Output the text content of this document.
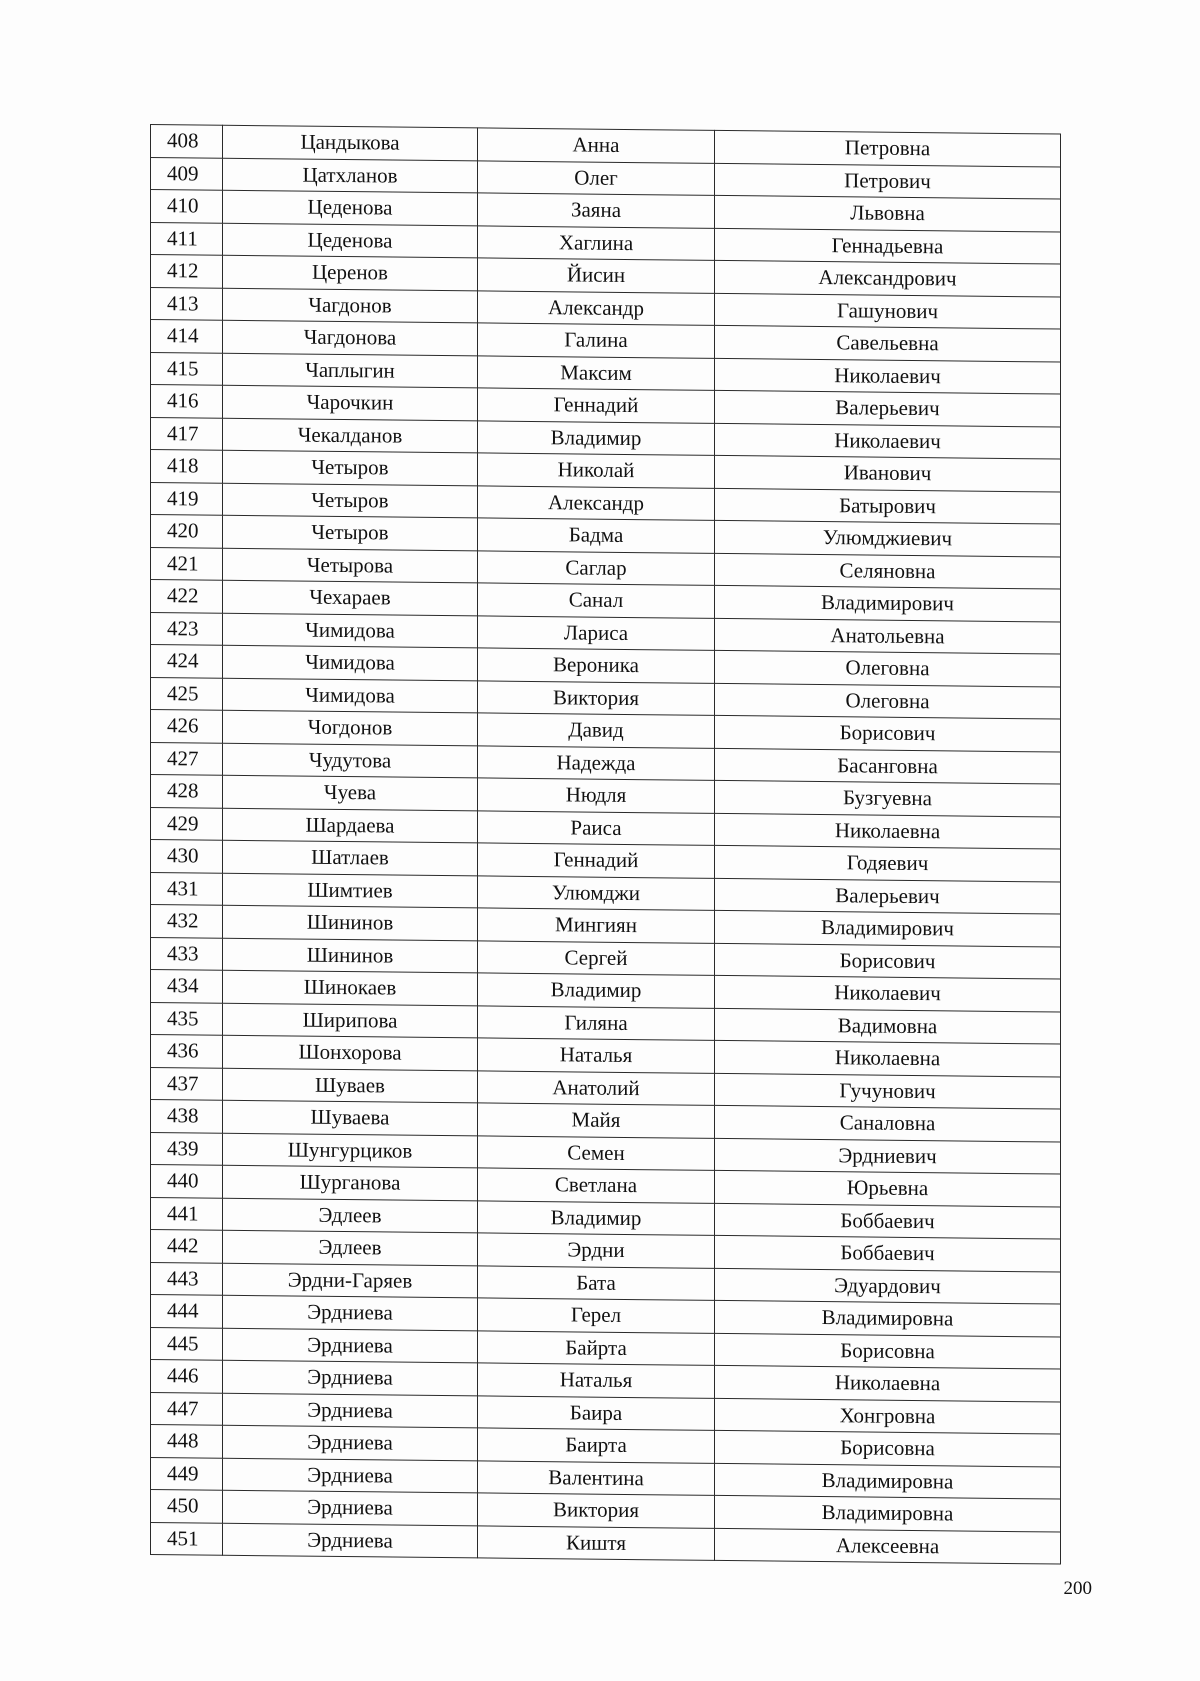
408	Цандыкова	Анна	Петровна
409	Цатхланов	Олег	Петрович
410	Цеденова	Заяна	Львовна
411	Цеденова	Хаглина	Геннадьевна
412	Церенов	Йисин	Александрович
413	Чагдонов	Александр	Гашунович
414	Чагдонова	Галина	Савельевна
415	Чаплыгин	Максим	Николаевич
416	Чарочкин	Геннадий	Валерьевич
417	Чекалданов	Владимир	Николаевич
418	Четыров	Николай	Иванович
419	Четыров	Александр	Батырович
420	Четыров	Бадма	Улюмджиевич
421	Четырова	Саглар	Селяновна
422	Чехараев	Санал	Владимирович
423	Чимидова	Лариса	Анатольевна
424	Чимидова	Вероника	Олеговна
425	Чимидова	Виктория	Олеговна
426	Чогдонов	Давид	Борисович
427	Чудутова	Надежда	Басанговна
428	Чуева	Нюдля	Бузгуевна
429	Шардаева	Раиса	Николаевна
430	Шатлаев	Геннадий	Годяевич
431	Шимтиев	Улюмджи	Валерьевич
432	Шининов	Мингиян	Владимирович
433	Шининов	Сергей	Борисович
434	Шинокаев	Владимир	Николаевич
435	Ширипова	Гиляна	Вадимовна
436	Шонхорова	Наталья	Николаевна
437	Шуваев	Анатолий	Гучунович
438	Шуваева	Майя	Саналовна
439	Шунгурциков	Семен	Эрдниевич
440	Шурганова	Светлана	Юрьевна
441	Эдлеев	Владимир	Боббаевич
442	Эдлеев	Эрдни	Боббаевич
443	Эрдни-Гаряев	Бата	Эдуардович
444	Эрдниева	Герел	Владимировна
445	Эрдниева	Байрта	Борисовна
446	Эрдниева	Наталья	Николаевна
447	Эрдниева	Баира	Хонгровна
448	Эрдниева	Баирта	Борисовна
449	Эрдниева	Валентина	Владимировна
450	Эрдниева	Виктория	Владимировна
451	Эрдниева	Киштя	Алексеевна
200
